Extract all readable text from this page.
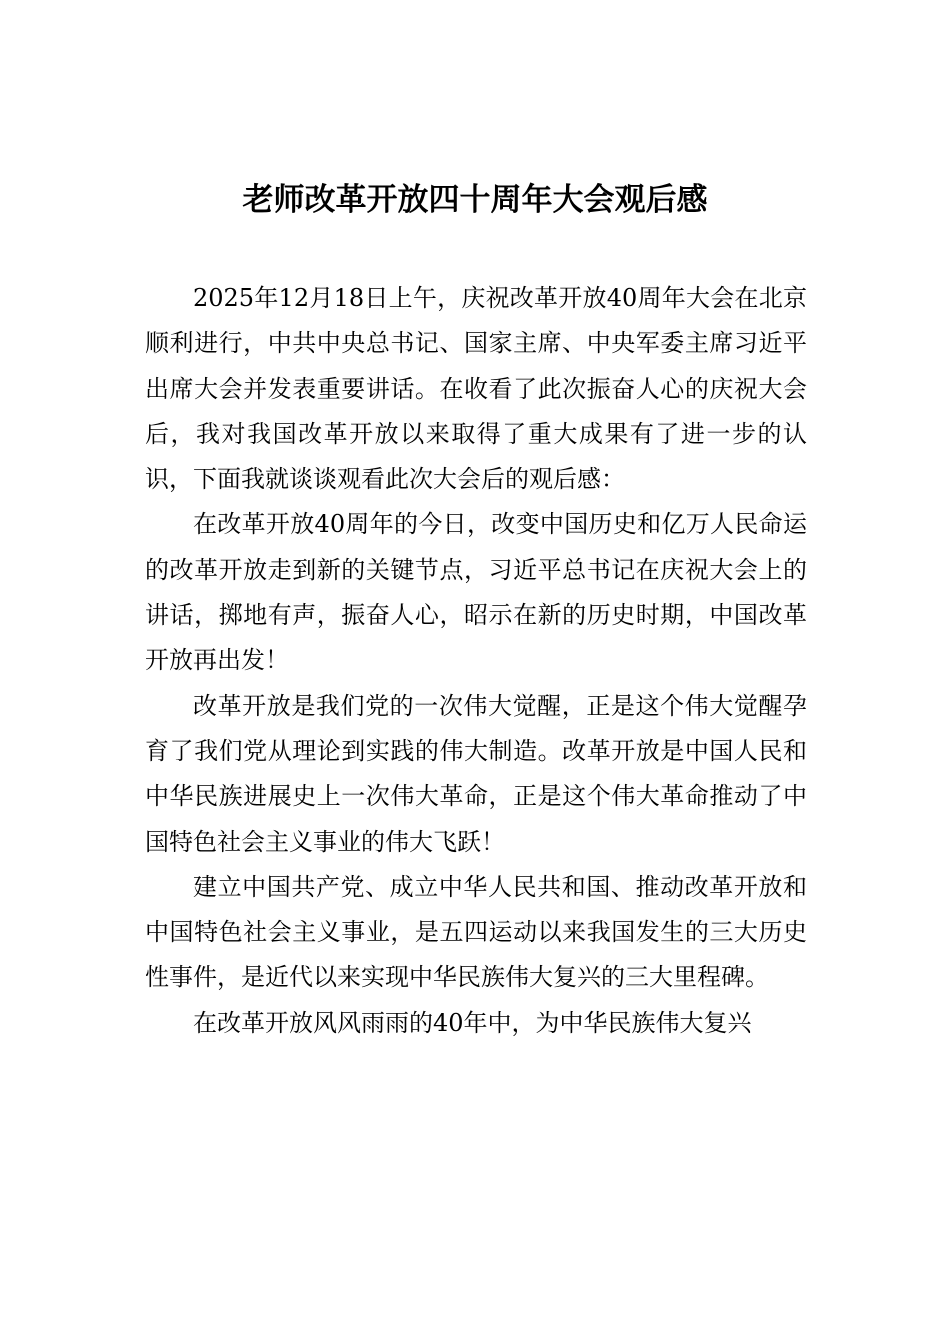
老师改革开放四十周年大会观后感

2025年12月18日上午，庆祝改革开放40周年大会在北京顺利进行，中共中央总书记、国家主席、中央军委主席习近平出席大会并发表重要讲话。在收看了此次振奋人心的庆祝大会后，我对我国改革开放以来取得了重大成果有了进一步的认识，下面我就谈谈观看此次大会后的观后感：

在改革开放40周年的今日，改变中国历史和亿万人民命运的改革开放走到新的关键节点，习近平总书记在庆祝大会上的讲话，掷地有声，振奋人心，昭示在新的历史时期，中国改革开放再出发！

改革开放是我们党的一次伟大觉醒，正是这个伟大觉醒孕育了我们党从理论到实践的伟大制造。改革开放是中国人民和中华民族进展史上一次伟大革命，正是这个伟大革命推动了中国特色社会主义事业的伟大飞跃！

建立中国共产党、成立中华人民共和国、推动改革开放和中国特色社会主义事业，是五四运动以来我国发生的三大历史性事件，是近代以来实现中华民族伟大复兴的三大里程碑。

在改革开放风风雨雨的40年中，为中华民族伟大复兴
